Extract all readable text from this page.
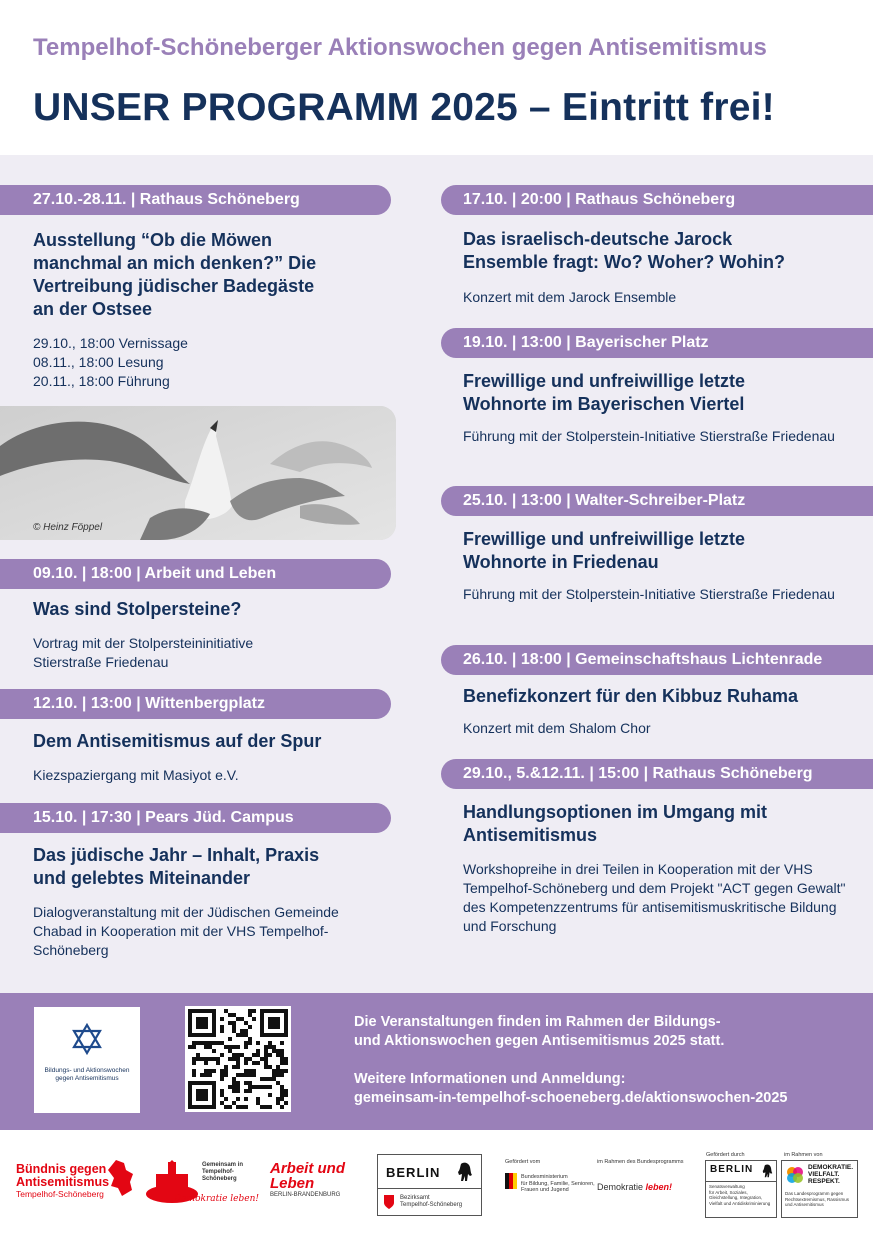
Tempelhof-Schöneberger Aktionswochen gegen Antisemitismus
UNSER PROGRAMM 2025 – Eintritt frei!
27.10.-28.11. | Rathaus Schöneberg
Ausstellung “Ob die Möwen manchmal an mich denken?” Die Vertreibung jüdischer Badegäste an der Ostsee
29.10., 18:00 Vernissage
08.11., 18:00 Lesung
20.11., 18:00 Führung
© Heinz Föppel
09.10. | 18:00 | Arbeit und Leben
Was sind Stolpersteine?
Vortrag mit der Stolpersteininitiative Stierstraße Friedenau
12.10. | 13:00 | Wittenbergplatz
Dem Antisemitismus auf der Spur
Kiezspaziergang mit Masiyot e.V.
15.10. | 17:30 | Pears Jüd. Campus
Das jüdische Jahr – Inhalt, Praxis und gelebtes Miteinander
Dialogveranstaltung mit der Jüdischen Gemeinde Chabad in Kooperation mit der VHS Tempelhof-Schöneberg
17.10. | 20:00 | Rathaus Schöneberg
Das israelisch-deutsche Jarock Ensemble fragt: Wo? Woher? Wohin?
Konzert mit dem Jarock Ensemble
19.10. | 13:00 | Bayerischer Platz
Frewillige und unfreiwillige letzte Wohnorte im Bayerischen Viertel
Führung mit der Stolperstein-Initiative Stierstraße Friedenau
25.10. | 13:00 | Walter-Schreiber-Platz
Frewillige und unfreiwillige letzte Wohnorte in Friedenau
Führung mit der Stolperstein-Initiative Stierstraße Friedenau
26.10. | 18:00 | Gemeinschaftshaus Lichtenrade
Benefizkonzert für den Kibbuz Ruhama
Konzert mit dem Shalom Chor
29.10., 5.&12.11. | 15:00 | Rathaus Schöneberg
Handlungsoptionen im Umgang mit Antisemitismus
Workshopreihe in drei Teilen in Kooperation mit der VHS Tempelhof-Schöneberg und dem Projekt "ACT gegen Gewalt" des Kompetenzzentrums für antisemitismuskritische Bildung und Forschung
Bildungs- und Aktionswochen gegen Antisemitismus

Die Veranstaltungen finden im Rahmen der Bildungs-

und Aktionswochen gegen Antisemitismus 2025 statt.

Weitere Informationen und Anmeldung:

gemeinsam-in-tempelhof-schoeneberg.de/aktionswochen-2025

Bündnis gegen
Antisemitismus
Tempelhof-Schöneberg
Gemeinsam in
Tempelhof-
Schöneberg
Demokratie leben!
Arbeit und
Leben
BERLIN-BRANDENBURG
BERLIN
Bezirksamt
Tempelhof-Schöneberg
Gefördert vom
Bundesministerium
für Bildung, Familie, Senioren,
Frauen und Jugend
im Rahmen des Bundesprogramms
Demokratie leben!
Gefördert durch
BERLIN
Senatsverwaltung
für Arbeit, Soziales,
Gleichstellung, Integration,
Vielfalt und Antidiskriminierung
im Rahmen von
DEMOKRATIE.
VIELFALT.
RESPEKT.
Das Landesprogramm gegen
Rechtsextremismus, Rassismus
und Antisemitismus
